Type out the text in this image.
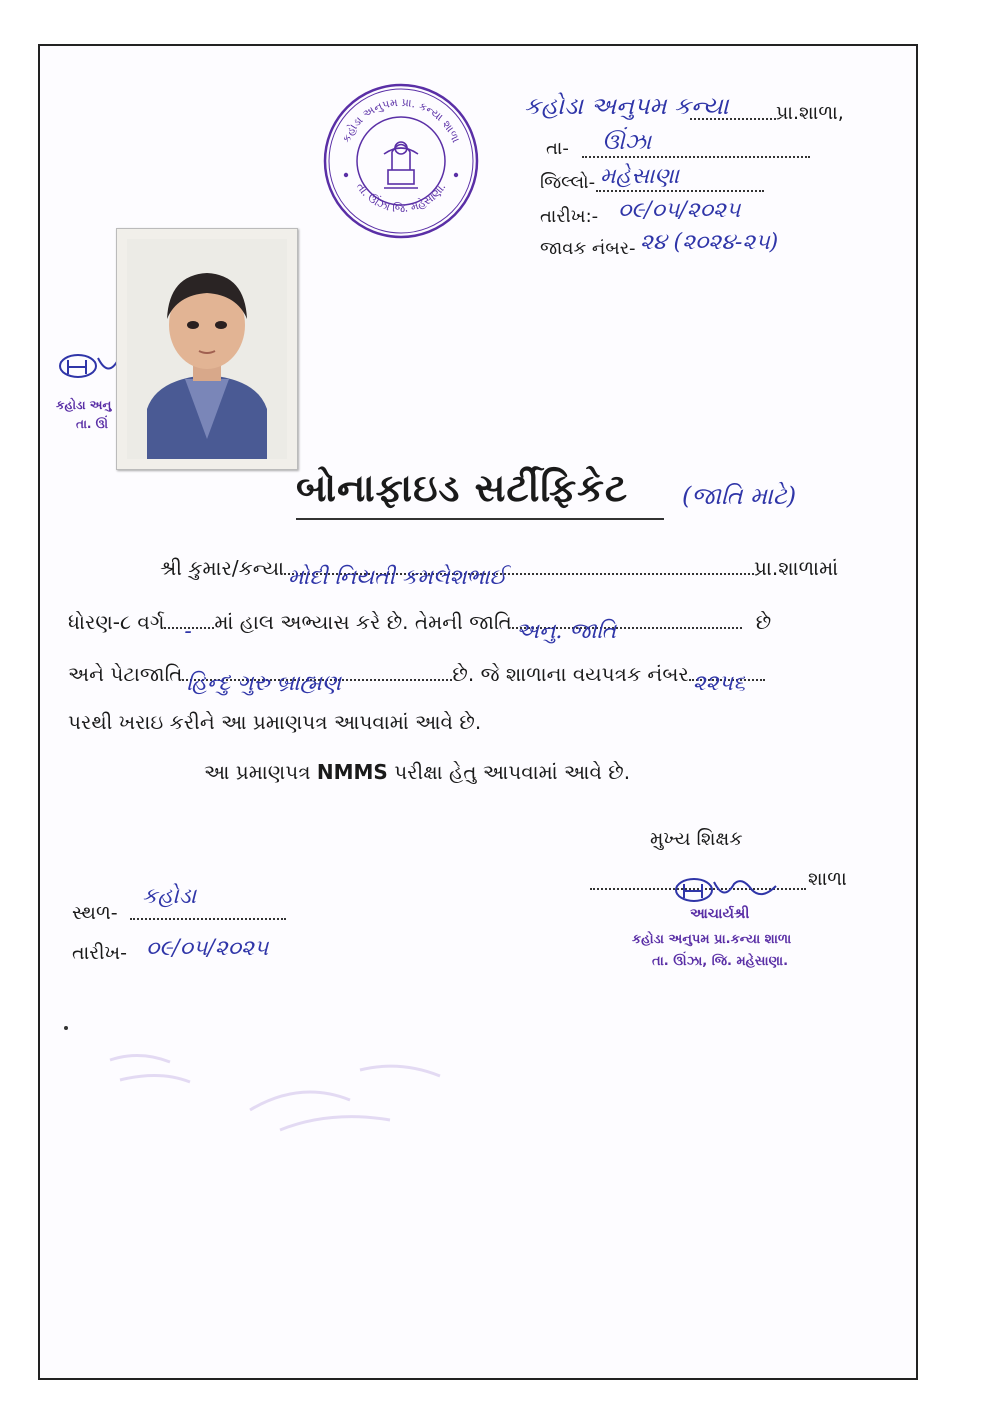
કહોડા અનુપમ પ્રા. કન્યા શાળા
તા. ઊંઝા જિ. મહેસાણા.
કહોડા અનુપમ કન્યા પ્રા.શાળા,
તા- ઊંઝા
જિલ્લો- મહેસાણા
તારીખ:- ૦૯/૦૫/૨૦૨૫
જાવક નંબર- ૨૪ (૨૦૨૪-૨૫)
કહોડા અનુ
તા. ઊં
બોનાફાઇડ સર્ટીફિકેટ (જાતિ માટે)
શ્રી કુમાર/કન્યા મોદી નિયતી કમલેશભાઈ	પ્રા.શાળામાં
ધોરણ-૮ વર્ગ - માં હાલ અભ્યાસ કરે છે. તેમની જાતિ અનુ. જાતિ	છે
અને પેટાજાતિ હિન્દુ ગુરુ બ્રાહ્મણ	છે. જે શાળાના વયપત્રક નંબર ૨૨૫૬
પરથી ખરાઇ કરીને આ પ્રમાણપત્ર આપવામાં આવે છે.
આ પ્રમાણપત્ર NMMS પરીક્ષા હેતુ આપવામાં આવે છે.
મુખ્ય શિક્ષક
શાળા
આચાર્યશ્રી
કહોડા અનુપમ પ્રા.કન્યા શાળા
તા. ઊંઝા, જિ. મહેસાણા.
સ્થળ-
કહોડા
તારીખ- ૦૯/૦૫/૨૦૨૫
